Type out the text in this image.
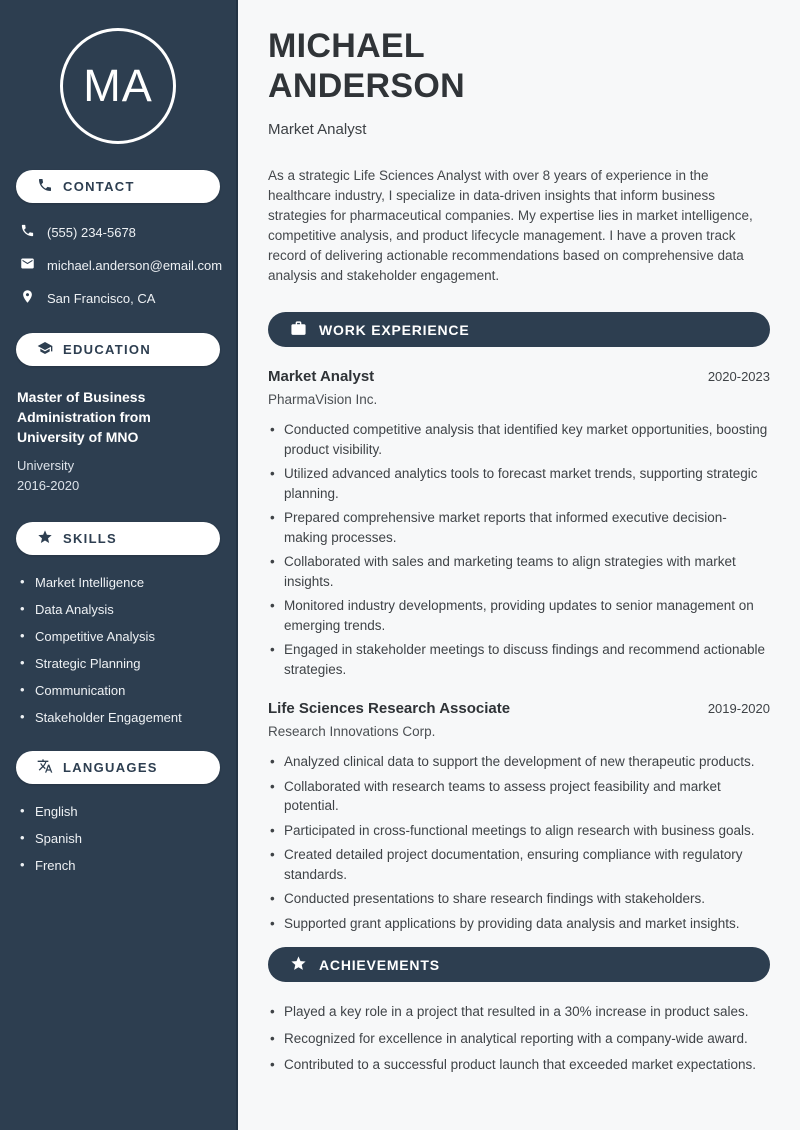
MA
CONTACT
(555) 234-5678
michael.anderson@email.com
San Francisco, CA
EDUCATION
Master of Business Administration from University of MNO
University
2016-2020
SKILLS
• Market Intelligence
• Data Analysis
• Competitive Analysis
• Strategic Planning
• Communication
• Stakeholder Engagement
LANGUAGES
• English
• Spanish
• French
MICHAEL
ANDERSON
Market Analyst

As a strategic Life Sciences Analyst with over 8 years of experience in the healthcare industry, I specialize in data-driven insights that inform business strategies for pharmaceutical companies. My expertise lies in market intelligence, competitive analysis, and product lifecycle management. I have a proven track record of delivering actionable recommendations based on comprehensive data analysis and stakeholder engagement.

WORK EXPERIENCE
Market Analyst	2020-2023
PharmaVision Inc.
• Conducted competitive analysis that identified key market opportunities, boosting product visibility.
• Utilized advanced analytics tools to forecast market trends, supporting strategic planning.
• Prepared comprehensive market reports that informed executive decision-making processes.
• Collaborated with sales and marketing teams to align strategies with market insights.
• Monitored industry developments, providing updates to senior management on emerging trends.
• Engaged in stakeholder meetings to discuss findings and recommend actionable strategies.
Life Sciences Research Associate	2019-2020
Research Innovations Corp.
• Analyzed clinical data to support the development of new therapeutic products.
• Collaborated with research teams to assess project feasibility and market potential.
• Participated in cross-functional meetings to align research with business goals.
• Created detailed project documentation, ensuring compliance with regulatory standards.
• Conducted presentations to share research findings with stakeholders.
• Supported grant applications by providing data analysis and market insights.
ACHIEVEMENTS
• Played a key role in a project that resulted in a 30% increase in product sales.
• Recognized for excellence in analytical reporting with a company-wide award.
• Contributed to a successful product launch that exceeded market expectations.
